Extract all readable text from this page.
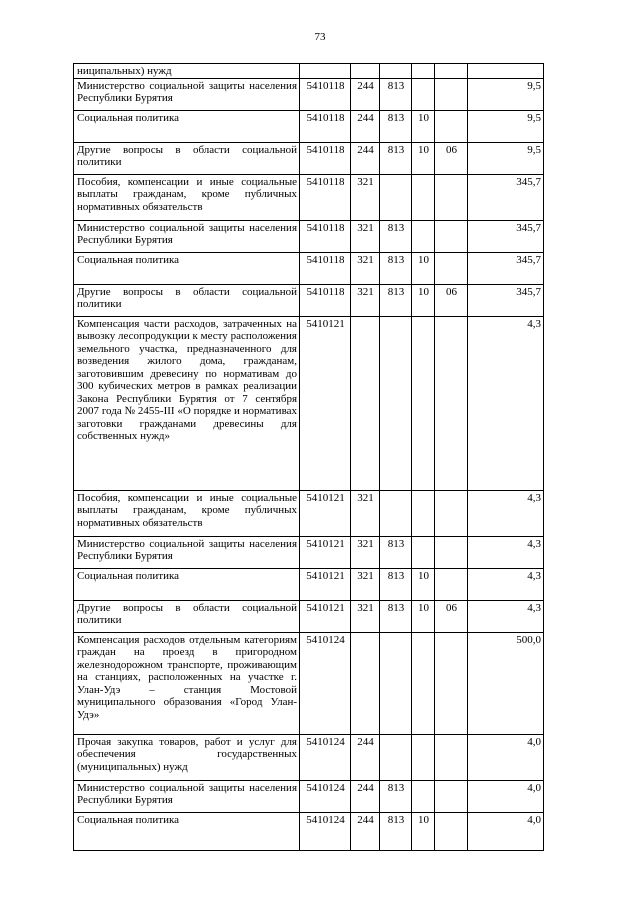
73
ниципальных) нужд						
Министерство социальной защиты населения Республики Бурятия	5410118	244	813			9,5
Социальная политика	5410118	244	813	10		9,5
Другие вопросы в области социальной политики	5410118	244	813	10	06	9,5
Пособия, компенсации и иные социальные выплаты гражданам, кроме публичных нормативных обязательств	5410118	321				345,7
Министерство социальной защиты населения Республики Бурятия	5410118	321	813			345,7
Социальная политика	5410118	321	813	10		345,7
Другие вопросы в области социальной политики	5410118	321	813	10	06	345,7
Компенсация части расходов, затраченных на вывозку лесопродукции к месту расположения земельного участка, предназначенного для возведения жилого дома, гражданам, заготовившим древесину по нормативам до 300 кубических метров в рамках реализации Закона Республики Бурятия от 7 сентября 2007 года № 2455-III «О порядке и нормативах заготовки гражданами древесины для собственных нужд»	5410121					4,3
Пособия, компенсации и иные социальные выплаты гражданам, кроме публичных нормативных обязательств	5410121	321				4,3
Министерство социальной защиты населения Республики Бурятия	5410121	321	813			4,3
Социальная политика	5410121	321	813	10		4,3
Другие вопросы в области социальной политики	5410121	321	813	10	06	4,3
Компенсация расходов отдельным категориям граждан на проезд в пригородном железнодорожном транспорте, проживающим на станциях, расположенных на участке г. Улан-Удэ – станция Мостовой муниципального образования «Город Улан-Удэ»	5410124					500,0
Прочая закупка товаров, работ и услуг для обеспечения государственных (муниципальных) нужд	5410124	244				4,0
Министерство социальной защиты населения Республики Бурятия	5410124	244	813			4,0
Социальная политика	5410124	244	813	10		4,0
